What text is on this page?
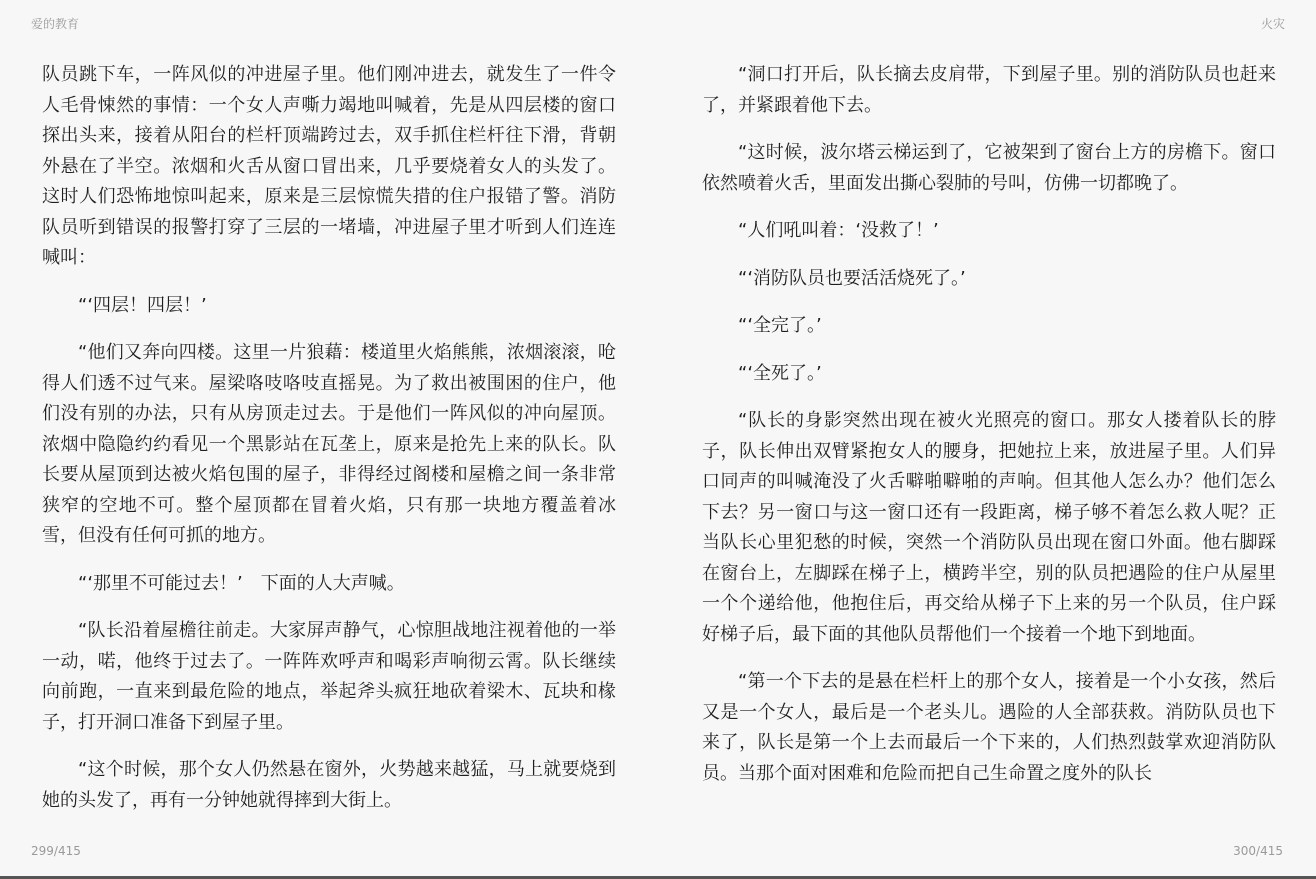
爱的教育	火灾

队员跳下车，一阵风似的冲进屋子里。他们刚冲进去，就发生了一件令人毛骨悚然的事情：一个女人声嘶力竭地叫喊着，先是从四层楼的窗口探出头来，接着从阳台的栏杆顶端跨过去，双手抓住栏杆往下滑，背朝外悬在了半空。浓烟和火舌从窗口冒出来，几乎要烧着女人的头发了。这时人们恐怖地惊叫起来，原来是三层惊慌失措的住户报错了警。消防队员听到错误的报警打穿了三层的一堵墙，冲进屋子里才听到人们连连喊叫：

“‘四层！四层！’

“他们又奔向四楼。这里一片狼藉：楼道里火焰熊熊，浓烟滚滚，呛得人们透不过气来。屋梁咯吱咯吱直摇晃。为了救出被围困的住户，他们没有别的办法，只有从房顶走过去。于是他们一阵风似的冲向屋顶。浓烟中隐隐约约看见一个黑影站在瓦垄上，原来是抢先上来的队长。队长要从屋顶到达被火焰包围的屋子，非得经过阁楼和屋檐之间一条非常狭窄的空地不可。整个屋顶都在冒着火焰，只有那一块地方覆盖着冰雪，但没有任何可抓的地方。

“‘那里不可能过去！’　下面的人大声喊。

“队长沿着屋檐往前走。大家屏声静气，心惊胆战地注视着他的一举一动，喏，他终于过去了。一阵阵欢呼声和喝彩声响彻云霄。队长继续向前跑，一直来到最危险的地点，举起斧头疯狂地砍着梁木、瓦块和椽子，打开洞口准备下到屋子里。

“这个时候，那个女人仍然悬在窗外，火势越来越猛，马上就要烧到她的头发了，再有一分钟她就得摔到大街上。

“洞口打开后，队长摘去皮肩带，下到屋子里。别的消防队员也赶来了，并紧跟着他下去。

“这时候，波尔塔云梯运到了，它被架到了窗台上方的房檐下。窗口依然喷着火舌，里面发出撕心裂肺的号叫，仿佛一切都晚了。

“人们吼叫着：‘没救了！’

“‘消防队员也要活活烧死了。’

“‘全完了。’

“‘全死了。’

“队长的身影突然出现在被火光照亮的窗口。那女人搂着队长的脖子，队长伸出双臂紧抱女人的腰身，把她拉上来，放进屋子里。人们异口同声的叫喊淹没了火舌噼啪噼啪的声响。但其他人怎么办？他们怎么下去？另一窗口与这一窗口还有一段距离，梯子够不着怎么救人呢？正当队长心里犯愁的时候，突然一个消防队员出现在窗口外面。他右脚踩在窗台上，左脚踩在梯子上，横跨半空，别的队员把遇险的住户从屋里一个个递给他，他抱住后，再交给从梯子下上来的另一个队员，住户踩好梯子后，最下面的其他队员帮他们一个接着一个地下到地面。

“第一个下去的是悬在栏杆上的那个女人，接着是一个小女孩，然后又是一个女人，最后是一个老头儿。遇险的人全部获救。消防队员也下来了，队长是第一个上去而最后一个下来的，人们热烈鼓掌欢迎消防队员。当那个面对困难和危险而把自己生命置之度外的队长

299/415	300/415
